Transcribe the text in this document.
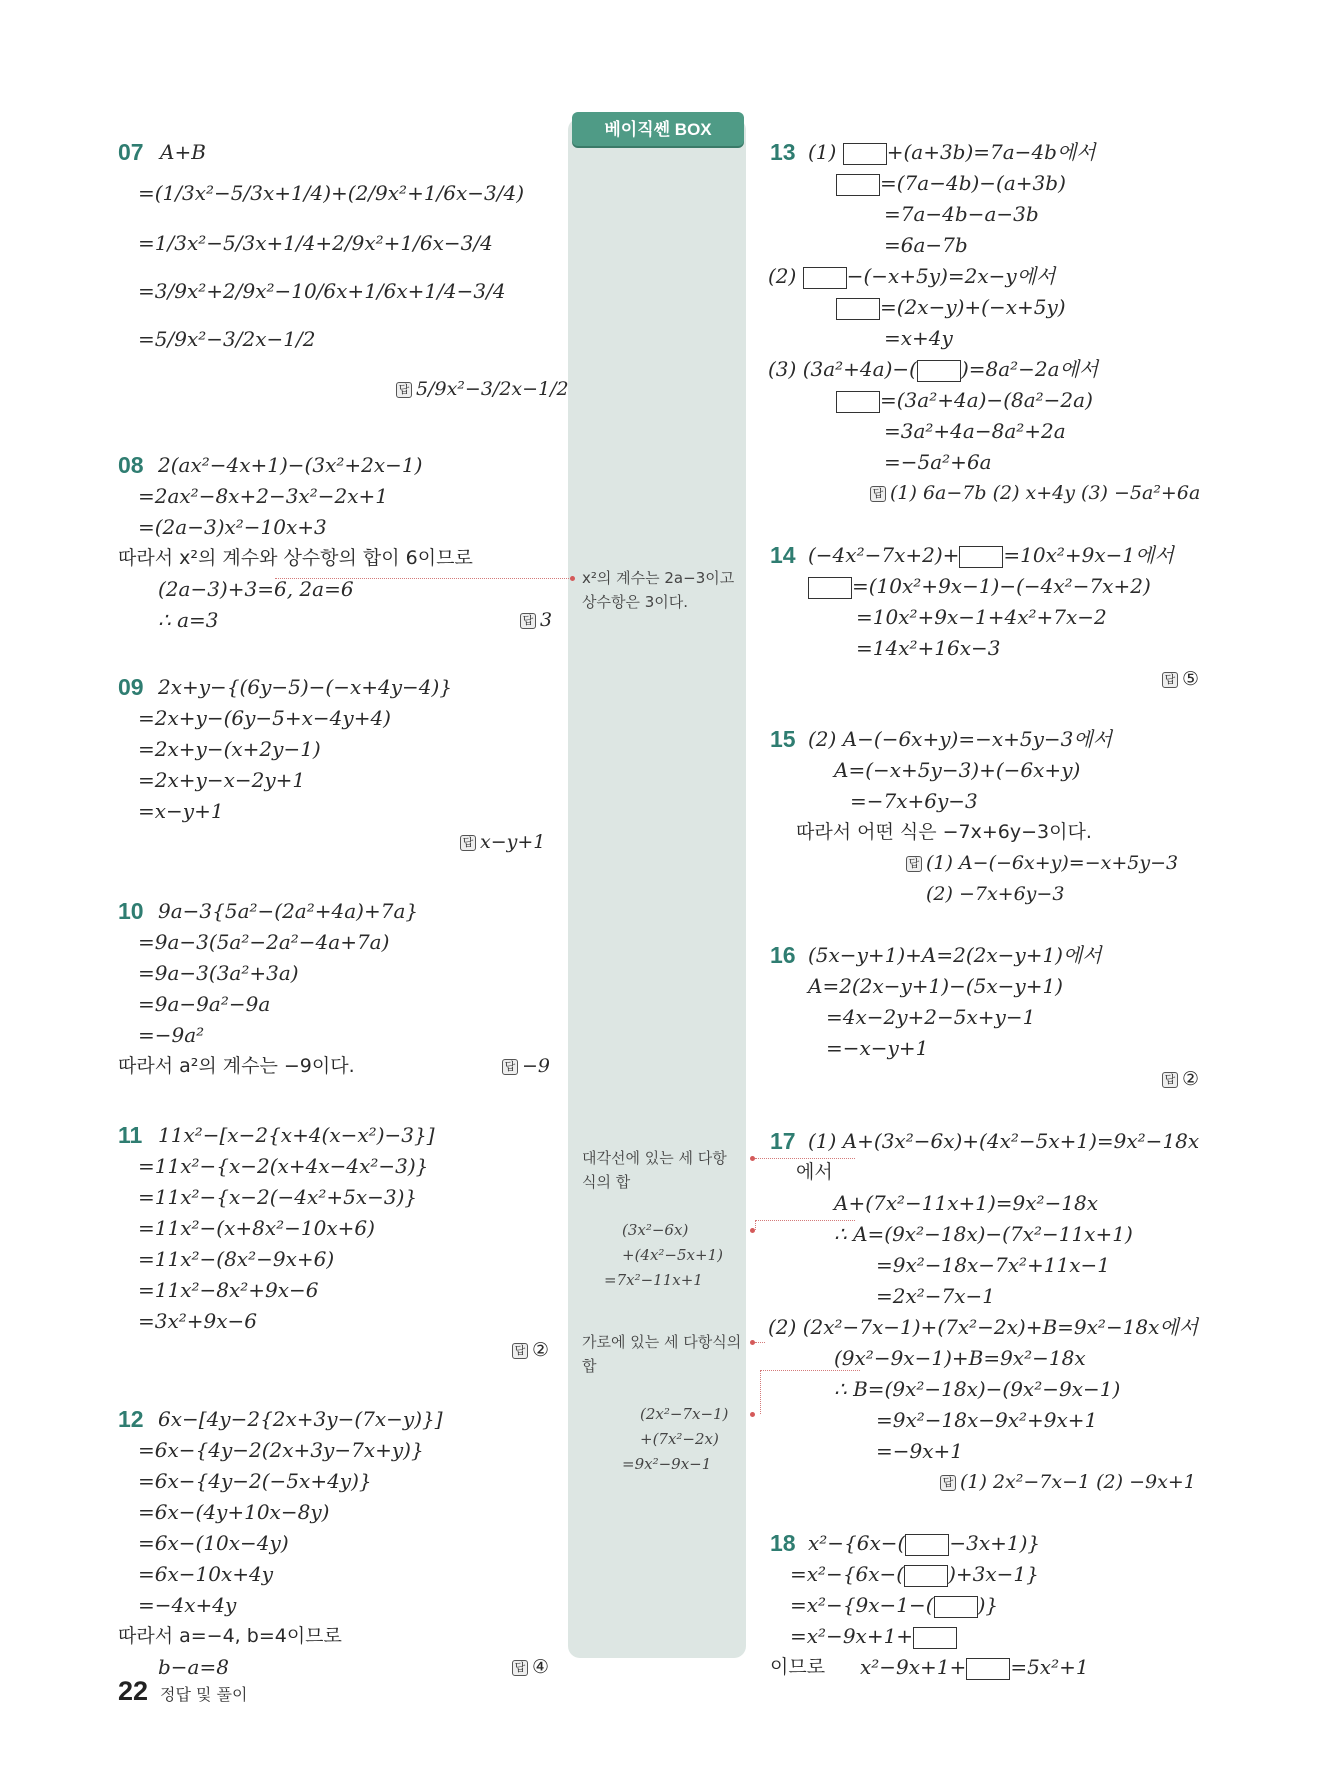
베이직쎈 BOX
07 A+B
=(1/3x²−5/3x+1/4)+(2/9x²+1/6x−3/4)
=1/3x²−5/3x+1/4+2/9x²+1/6x−3/4
=3/9x²+2/9x²−10/6x+1/6x+1/4−3/4
=5/9x²−3/2x−1/2
답 5/9x²−3/2x−1/2
08 2(ax²−4x+1)−(3x²+2x−1)
=2ax²−8x+2−3x²−2x+1
=(2a−3)x²−10x+3
따라서 x²의 계수와 상수항의 합이 6이므로
(2a−3)+3=6, 2a=6
∴ a=3	답 3
09 2x+y−{(6y−5)−(−x+4y−4)}
=2x+y−(6y−5+x−4y+4)
=2x+y−(x+2y−1)
=2x+y−x−2y+1
=x−y+1
답 x−y+1
10 9a−3{5a²−(2a²+4a)+7a}
=9a−3(5a²−2a²−4a+7a)
=9a−3(3a²+3a)
=9a−9a²−9a
=−9a²
따라서 a²의 계수는 −9이다.	답 −9
11 11x²−[x−2{x+4(x−x²)−3}]
=11x²−{x−2(x+4x−4x²−3)}
=11x²−{x−2(−4x²+5x−3)}
=11x²−(x+8x²−10x+6)
=11x²−(8x²−9x+6)
=11x²−8x²+9x−6
=3x²+9x−6
답 ②
12 6x−[4y−2{2x+3y−(7x−y)}]
=6x−{4y−2(2x+3y−7x+y)}
=6x−{4y−2(−5x+4y)}
=6x−(4y+10x−8y)
=6x−(10x−4y)
=6x−10x+4y
=−4x+4y
따라서 a=−4, b=4이므로
b−a=8	답 ④
x²의 계수는 2a−3이고
상수항은 3이다.
대각선에 있는 세 다항
식의 합
(3x²−6x)
+(4x²−5x+1)
=7x²−11x+1
가로에 있는 세 다항식의
합
(2x²−7x−1)
+(7x²−2x)
=9x²−9x−1
13 (1)	+(a+3b)=7a−4b에서
=(7a−4b)−(a+3b)
=7a−4b−a−3b
=6a−7b
(2)	−(−x+5y)=2x−y에서
=(2x−y)+(−x+5y)
=x+4y
(3) (3a²+4a)−( )=8a²−2a에서
=(3a²+4a)−(8a²−2a)
=3a²+4a−8a²+2a
=−5a²+6a
답 (1) 6a−7b (2) x+4y (3) −5a²+6a
14 (−4x²−7x+2)+ =10x²+9x−1에서
=(10x²+9x−1)−(−4x²−7x+2)
=10x²+9x−1+4x²+7x−2
=14x²+16x−3
답 ⑤
15 (2) A−(−6x+y)=−x+5y−3에서
A=(−x+5y−3)+(−6x+y)
=−7x+6y−3
따라서 어떤 식은 −7x+6y−3이다.
답 (1) A−(−6x+y)=−x+5y−3
(2) −7x+6y−3
16 (5x−y+1)+A=2(2x−y+1)에서
A=2(2x−y+1)−(5x−y+1)
=4x−2y+2−5x+y−1
=−x−y+1
답 ②
17 (1) A+(3x²−6x)+(4x²−5x+1)=9x²−18x
에서
A+(7x²−11x+1)=9x²−18x
∴ A=(9x²−18x)−(7x²−11x+1)
=9x²−18x−7x²+11x−1
=2x²−7x−1
(2) (2x²−7x−1)+(7x²−2x)+B=9x²−18x에서
(9x²−9x−1)+B=9x²−18x
∴ B=(9x²−18x)−(9x²−9x−1)
=9x²−18x−9x²+9x+1
=−9x+1
답 (1) 2x²−7x−1 (2) −9x+1
18 x²−{6x−( −3x+1)}
=x²−{6x−( )+3x−1}
=x²−{9x−1−( )}
=x²−9x+1+
이므로 x²−9x+1+ =5x²+1
22 정답 및 풀이
